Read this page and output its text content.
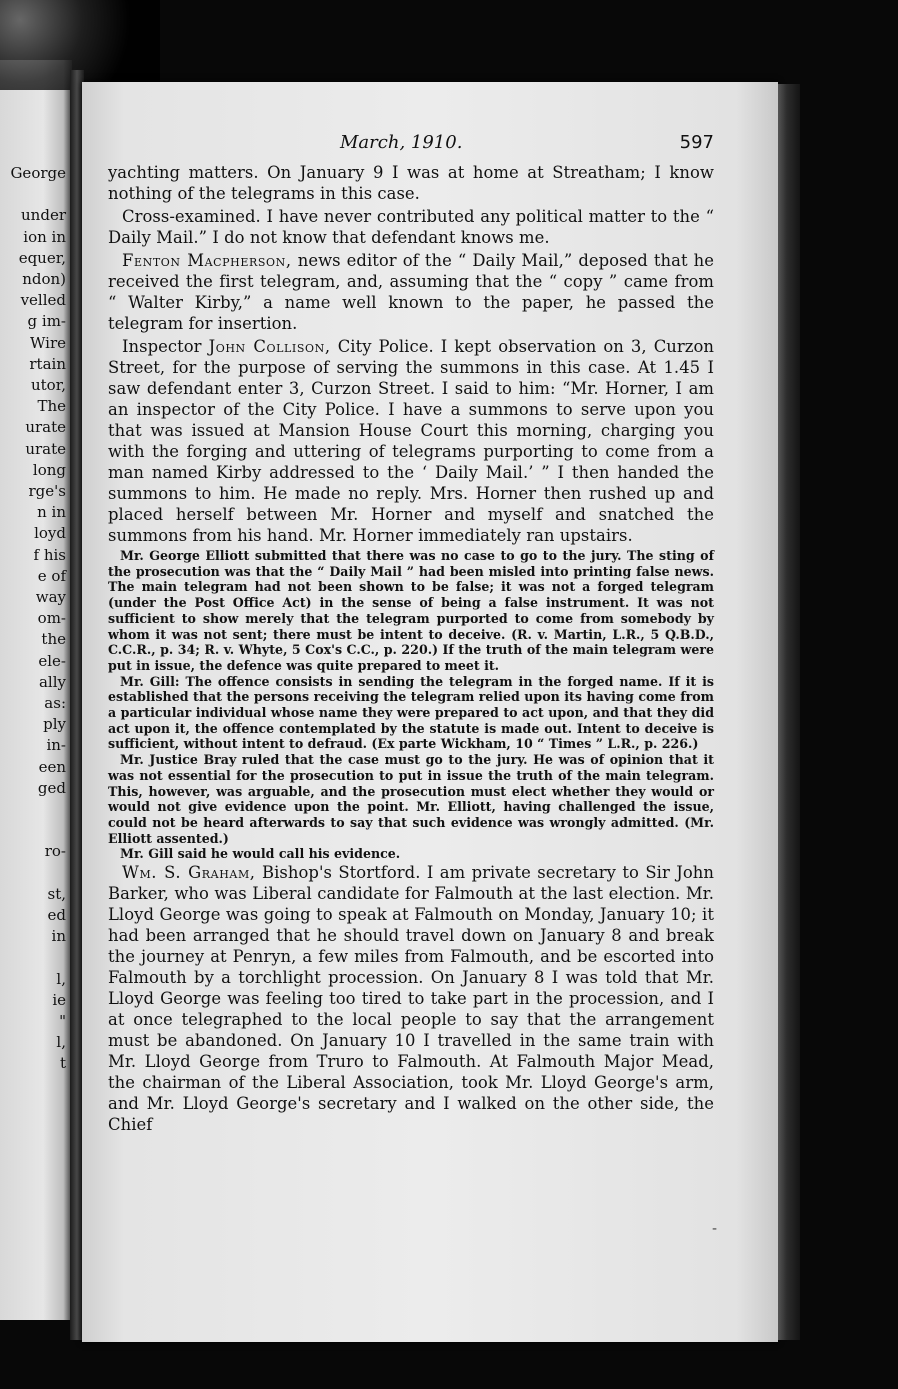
George
under
ion in
equer,
ndon)
velled
g im-
Wire
rtain
utor,
The
urate
urate
long
rge's
n in
loyd
f his
e of
way
om-
the
ele-
ally
as:
ply
in-
een
ged
ro-
st,
ed
in
l,
ie
"
l,
t
March, 1910.	597

yachting matters. On January 9 I was at home at Streatham; I know nothing of the telegrams in this case.

Cross-examined. I have never contributed any political matter to the “ Daily Mail.” I do not know that defendant knows me.

Fenton Macpherson, news editor of the “ Daily Mail,” deposed that he received the first telegram, and, assuming that the “ copy ” came from “ Walter Kirby,” a name well known to the paper, he passed the telegram for insertion.

Inspector John Collison, City Police. I kept observation on 3, Curzon Street, for the purpose of serving the summons in this case. At 1.45 I saw defendant enter 3, Curzon Street. I said to him: “Mr. Horner, I am an inspector of the City Police. I have a summons to serve upon you that was issued at Mansion House Court this morning, charging you with the forging and uttering of telegrams purporting to come from a man named Kirby addressed to the ‘ Daily Mail.’ ” I then handed the summons to him. He made no reply. Mrs. Horner then rushed up and placed herself between Mr. Horner and myself and snatched the summons from his hand. Mr. Horner immediately ran upstairs.

Mr. George Elliott submitted that there was no case to go to the jury. The sting of the prosecution was that the “ Daily Mail ” had been misled into printing false news. The main telegram had not been shown to be false; it was not a forged telegram (under the Post Office Act) in the sense of being a false instrument. It was not sufficient to show merely that the telegram purported to come from somebody by whom it was not sent; there must be intent to deceive. (R. v. Martin, L.R., 5 Q.B.D., C.C.R., p. 34; R. v. Whyte, 5 Cox's C.C., p. 220.) If the truth of the main telegram were put in issue, the defence was quite prepared to meet it.

Mr. Gill: The offence consists in sending the telegram in the forged name. If it is established that the persons receiving the telegram relied upon its having come from a particular individual whose name they were prepared to act upon, and that they did act upon it, the offence contemplated by the statute is made out. Intent to deceive is sufficient, without intent to defraud. (Ex parte Wickham, 10 “ Times ” L.R., p. 226.)

Mr. Justice Bray ruled that the case must go to the jury. He was of opinion that it was not essential for the prosecution to put in issue the truth of the main telegram. This, however, was arguable, and the prosecution must elect whether they would or would not give evidence upon the point. Mr. Elliott, having challenged the issue, could not be heard afterwards to say that such evidence was wrongly admitted. (Mr. Elliott assented.)

Mr. Gill said he would call his evidence.

Wm. S. Graham, Bishop's Stortford. I am private secretary to Sir John Barker, who was Liberal candidate for Falmouth at the last election. Mr. Lloyd George was going to speak at Falmouth on Monday, January 10; it had been arranged that he should travel down on January 8 and break the journey at Penryn, a few miles from Falmouth, and be escorted into Falmouth by a torchlight procession. On January 8 I was told that Mr. Lloyd George was feeling too tired to take part in the procession, and I at once telegraphed to the local people to say that the arrangement must be abandoned. On January 10 I travelled in the same train with Mr. Lloyd George from Truro to Falmouth. At Falmouth Major Mead, the chairman of the Liberal Association, took Mr. Lloyd George's arm, and Mr. Lloyd George's secretary and I walked on the other side, the Chief

-
